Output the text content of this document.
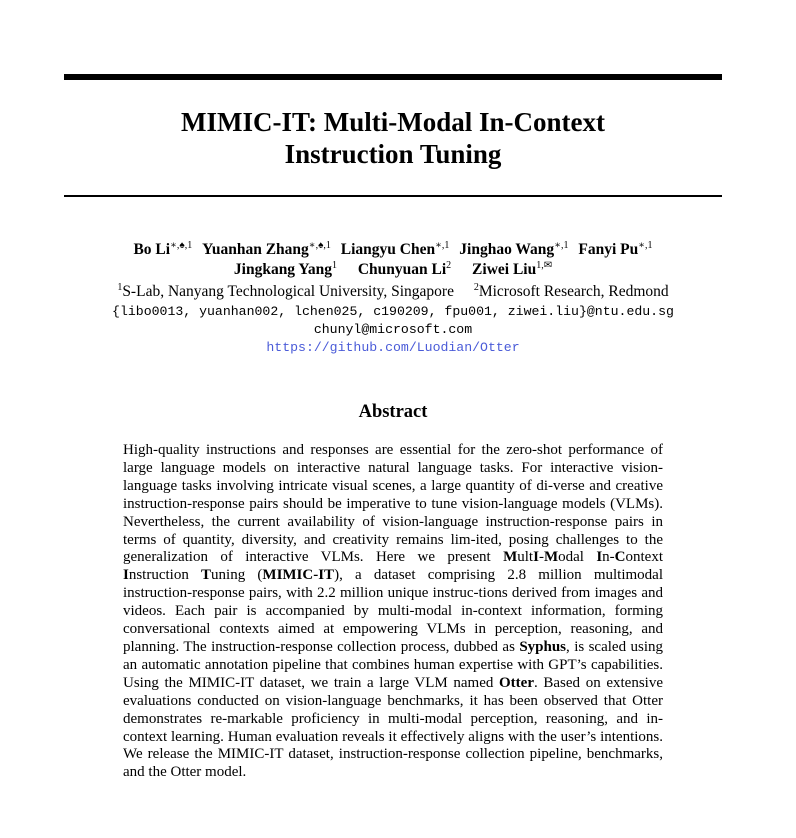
MIMIC-IT: Multi-Modal In-Context
Instruction Tuning
Bo $Li^{∗,♠,1}$ Yuanhan Zhang$^{∗,♠,1}$ Liangyu Chen$^{∗,1}$ Jinghao Wang$^{∗,1}$ Fanyi $Pu^{∗,1}$
Jingkang Yang$^1$ Chunyuan Li$^2$ Ziwei Liu$^{1,✉}$
$^1$S-Lab, Nanyang Technological University, Singapore $^2$Microsoft Research, Redmond
{libo0013, yuanhan002, lchen025, c190209, fpu001, ziwei.liu}@ntu.edu.sg
chunyl@microsoft.com
https://github.com/Luodian/Otter
Abstract

High-quality instructions and responses are essential for the zero-shot performance of large language models on interactive natural language tasks. For interactive vision-language tasks involving intricate visual scenes, a large quantity of di-verse and creative instruction-response pairs should be imperative to tune vision-language models (VLMs). Nevertheless, the current availability of vision-language instruction-response pairs in terms of quantity, diversity, and creativity remains lim-ited, posing challenges to the generalization of interactive VLMs. Here we present MultI-Modal In-Context Instruction Tuning (MIMIC-IT), a dataset comprising 2.8 million multimodal instruction-response pairs, with 2.2 million unique instruc-tions derived from images and videos. Each pair is accompanied by multi-modal in-context information, forming conversational contexts aimed at empowering VLMs in perception, reasoning, and planning. The instruction-response collection process, dubbed as Syphus, is scaled using an automatic annotation pipeline that combines human expertise with GPT’s capabilities. Using the MIMIC-IT dataset, we train a large VLM named Otter. Based on extensive evaluations conducted on vision-language benchmarks, it has been observed that Otter demonstrates re-markable proficiency in multi-modal perception, reasoning, and in-context learning. Human evaluation reveals it effectively aligns with the user’s intentions. We release the MIMIC-IT dataset, instruction-response collection pipeline, benchmarks, and the Otter model.
